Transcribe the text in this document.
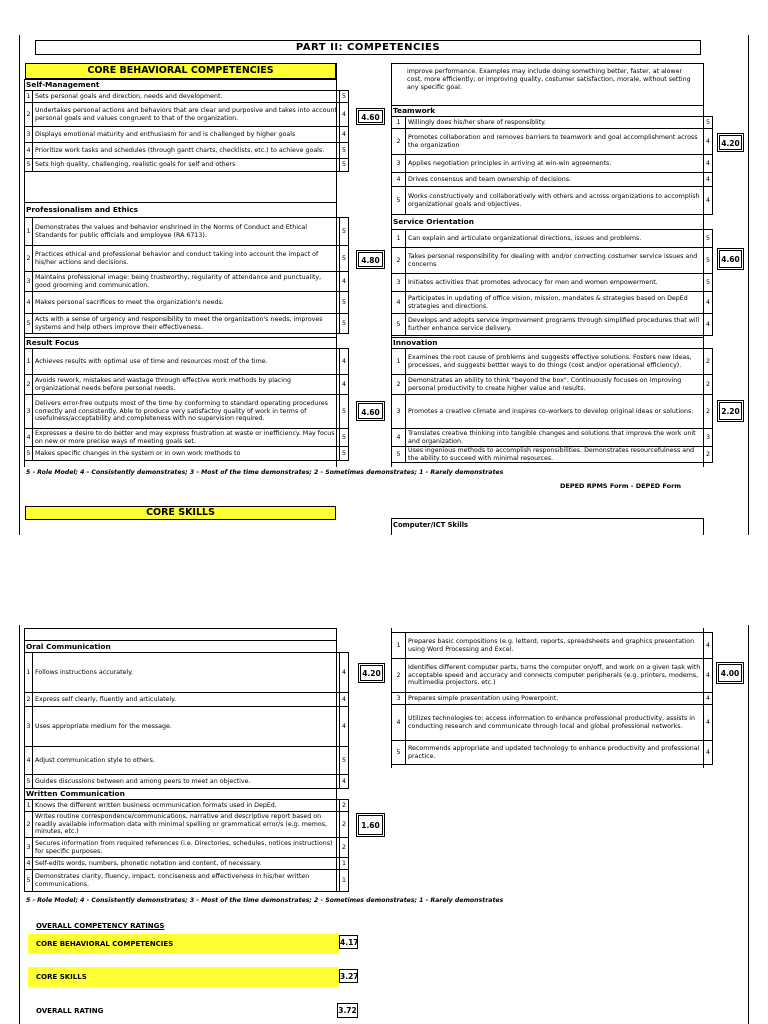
PART II: COMPETENCIES
CORE BEHAVIORAL COMPETENCIES
Self-Management
1	Sets personal goals and direction, needs and development.	5
2	Undertakes personal actions and behaviors that are clear and purposive and takes into account personal goals and values congruent to that of the organization.	4
3	Displays emotional maturity and enthusiasm for and is challenged by higher goals	4
4	Prioritize work tasks and schedules (through gantt charts, checklists, etc.) to achieve goals.	5
5	Sets high quality, challenging, realistic goals for self and others	5
4.60
Professionalism and Ethics
1	Demonstrates the values and behavior enshrined in the Norms of Conduct and Ethical Standards for public officials and employee (RA 6713).	5
2	Practices ethical and professional behavior and conduct taking into account the impact of his/her actions and decisions.	5
3	Maintains professional image: being trustworthy, regularity of attendance and punctuality, good grooming and communication.	4
4	Makes personal sacrifices to meet the organization's needs.	5
5	Acts with a sense of urgency and responsibility to meet the organization's needs, improves systems and help others improve their effectiveness.	5
4.80
Result Focus
1	Achieves results with optimal use of time and resources most of the time.	4
2	Avoids rework, mistakes and wastage through effective work methods by placing organizational needs before personal needs.	4
3	Delivers error-free outputs most of the time by conforming to standard operating procedures correctly and consistently. Able to produce very satisfactoy quality of work in terms of usefulness/acceptability and completeness with no supervision required.	5
4	Expresses a desire to do better and may express frustration at waste or inefficiency. May focus on new or more precise ways of meeting goals set.	5
5	Makes specific changes in the system or in own work methods to	5
4.60
improve performance. Examples may include doing something better, faster, at alower cost, more efficiently; or improving quality, costumer satisfaction, morale, without setting any specific goal.
Teamwork
1	Willingly does his/her share of responsiblity.	5
2	Promotes collaboration and removes barriers to teamwork and goal accomplishment across the organization	4
3	Applies negotiation principles in arriving at win-win agreements.	4
4	Drives consensus and team ownership of decisions.	4
5	Works constructively and collaboratively with others and across organizations to accomplish organizational goals and objectives.	4
4.20
Service Orientation
1	Can explain and articulate organizational directions, issues and problems.	5
2	Takes personal responsibility for dealing with and/or correcting costumer service issues and concerns	5
3	Initiates activities that promotes advocacy for men and women empowerment.	5
4	Participates in updating of office vision, mission, mandates & strategies based on DepEd strategies and directions.	4
5	Develops and adopts service improvement programs through simplified procedures that will further enhance service delivery.	4
4.60
Innovation
1	Examines the root cause of problems and suggests effective solutions. Fosters new ideas, processes, and suggests bettter ways to do things (cost and/or operational efficiency).	2
2	Demonstrates an ability to think "beyond the box". Continuously focuses on improving personal productivity to create higher value and results.	2
3	Promotes a creative climate and inspires co-workers to develop original ideas or solutions.	2
4	Translates creative thinking into tangible changes and solutions that improve the work unit and organization.	3
5	Uses ingenious methods to accomplish responsibilities. Demonstrates resourcefulness and the ability to succeed with minimal resources.	2
2.20
5 - Role Model; 4 - Consistently demonstrates; 3 - Most of the time demonstrates; 2 - Sometimes demonstrates; 1 - Rarely demonstrates
DEPED RPMS Form - DEPED Form
CORE SKILLS
Computer/ICT Skills
Oral Communication
1	Follows instructions accurately.	4
2	Express self clearly, fluently and articulately.	4
3	Uses appropriate medium for the message.	4
4	Adjust communication style to others.	5
5	Guides discussions between and among peers to meet an objective.	4
4.20
Written Communication
1	Knows the different written business ocmmunication formats used in DepEd.	2
2	Writes routine correspondence/communications, narrative and descriptive report based on readily available information data with minimal spelling or grammatical error/s (e.g. memos, minutes, etc.)	2
3	Secures information from required references (i.e. Directories, schedules, notices instructions) for specific purposes.	2
4	Self-edits words, numbers, phonetic notation and content, of necessary.	1
5	Demonstrates clarity, fluency, impact, conciseness and effectiveness in his/her written communications.	1
1.60
1	Prepares basic compositions (e.g. letterd, reports, spreadsheets and graphics presentation using Word Processing and Excel.	4
2	Identifies different computer parts, turns the computer on/off, and work on a given task with acceptable speed and accuracy and connects computer peripherals (e.g. printers, modems, multimedia projectors, etc.)	4
3	Prepares simple presentation using Powerpoint.	4
4	Utilizes technologies to: access information to enhance professional productivity, assists in conducting research and communicate through local and global professional networks.	4
5	Recommends appropriate and updated technology to enhance productivity and professional practice.	4
4.00
5 - Role Model; 4 - Consistently demonstrates; 3 - Most of the time demonstrates; 2 - Sometimes demonstrates; 1 - Rarely demonstrates
OVERALL COMPETENCY RATINGS
CORE BEHAVIORAL COMPETENCIES	4.17
CORE SKILLS	3.27
OVERALL RATING	3.72
